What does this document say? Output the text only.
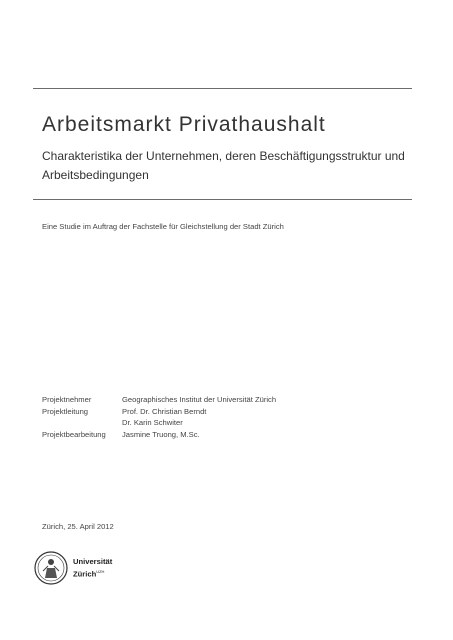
Arbeitsmarkt Privathaushalt
Charakteristika der Unternehmen, deren Beschäftigungsstruktur und Arbeitsbedingungen
Eine Studie im Auftrag der Fachstelle für Gleichstellung der Stadt Zürich
Projektnehmer	Geographisches Institut der Universität Zürich
Projektleitung	Prof. Dr. Christian Berndt
Dr. Karin Schwiter
Projektbearbeitung	Jasmine Truong, M.Sc.
Zürich, 25. April 2012
Universität
Zürich$^{UZH}$
